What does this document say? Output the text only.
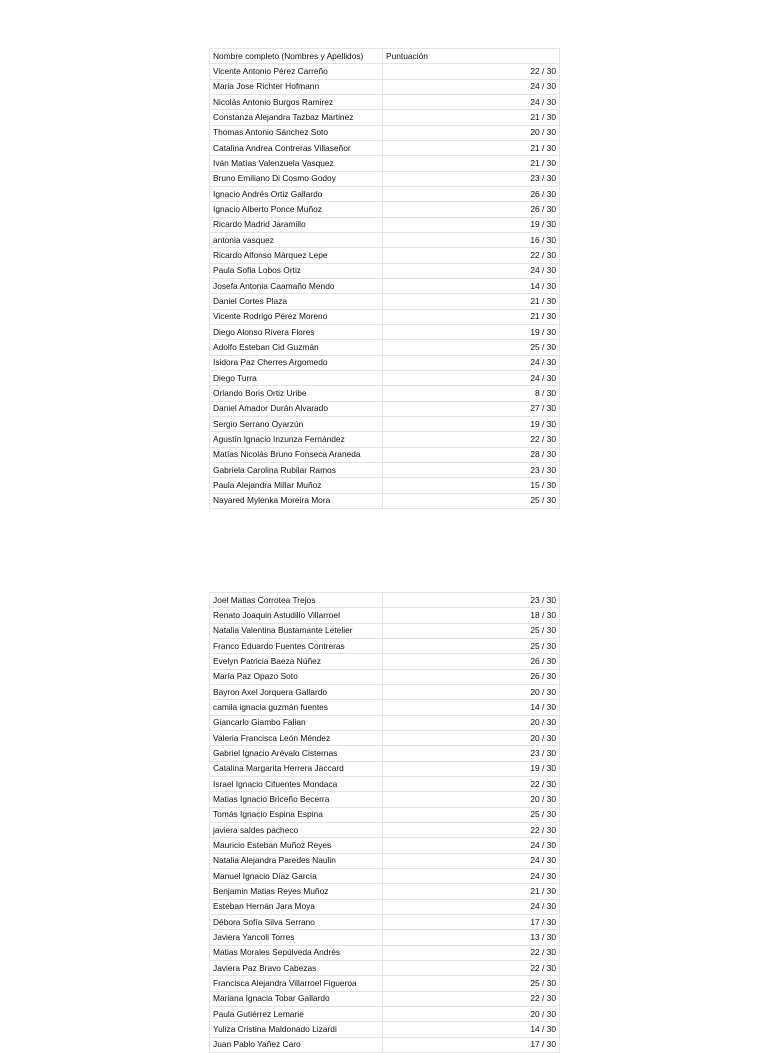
Nombre completo (Nombres y Apellidos)	Puntuación
Vicente Antonio Pérez Carreño	22 / 30
Maria Jose Richter Hofmann	24 / 30
Nicolás Antonio Burgos Ramirez	24 / 30
Constanza Alejandra Tazbaz Martinez	21 / 30
Thomas Antonio Sánchez Soto	20 / 30
Catalina Andrea Contreras Villaseñor	21 / 30
Iván Matías Valenzuela Vasquez	21 / 30
Bruno Emiliano Di Cosmo Godoy	23 / 30
Ignacio Andrés Ortiz Gallardo	26 / 30
Ignacio Alberto Ponce Muñoz	26 / 30
Ricardo Madrid Jaramillo	19 / 30
antonia vasquez	16 / 30
Ricardo Alfonso Márquez Lepe	22 / 30
Paula Sofia Lobos Ortiz	24 / 30
Josefa Antonia Caamaño Mendo	14 / 30
Daniel Cortes Plaza	21 / 30
Vicente Rodrigo Pérez Moreno	21 / 30
Diego Alonso Rivera Flores	19 / 30
Adolfo Esteban Cid Guzmán	25 / 30
Isidora Paz Cherres Argomedo	24 / 30
Diego Turra	24 / 30
Orlando Boris Ortiz Uribe	8 / 30
Daniel Amador Durán Alvarado	27 / 30
Sergio Serrano Oyarzún	19 / 30
Agustín Ignacio Inzunza Fernández	22 / 30
Matías Nicolás Bruno Fonseca Araneda	28 / 30
Gabriela Carolina Rubilar Ramos	23 / 30
Paula Alejandra Millar Muñoz	15 / 30
Nayared Mylenka Moreira Mora	25 / 30
Joel Matias Corrotea Trejos	23 / 30
Renato Joaquin Astudillo Villarroel	18 / 30
Natalia Valentina Bustamante Letelier	25 / 30
Franco Eduardo Fuentes Contreras	25 / 30
Evelyn Patricia Baeza Núñez	26 / 30
María Paz Opazo Soto	26 / 30
Bayron Axel Jorquera Gallardo	20 / 30
camila ignacia guzmán fuentes	14 / 30
Giancarlo Giambo Falian	20 / 30
Valeria Francisca León Méndez	20 / 30
Gabriel Ignacio Arévalo Cisternas	23 / 30
Catalina Margarita Herrera Jaccard	19 / 30
Israel Ignacio Cifuentes Mondaca	22 / 30
Matias Ignacio Briceño Becerra	20 / 30
Tomás Ignacio Espina Espina	25 / 30
javiera saldes pacheco	22 / 30
Mauricio Esteban Muñoz Reyes	24 / 30
Natalia Alejandra Paredes Naulin	24 / 30
Manuel Ignacio Díaz García	24 / 30
Benjamin Matias Reyes Muñoz	21 / 30
Esteban Hernán Jara Moya	24 / 30
Débora Sofía Silva Serrano	17 / 30
Javiera Yancoli Torres	13 / 30
Matias Morales Sepúlveda Andrés	22 / 30
Javiera Paz Bravo Cabezas	22 / 30
Francisca Alejandra Villarroel Figueroa	25 / 30
Mariana Ignacia Tobar Gallardo	22 / 30
Paula Gutiérrez Lemarie	20 / 30
Yuliza Cristina Maldonado Lizardi	14 / 30
Juan Pablo Yañez Caro	17 / 30
